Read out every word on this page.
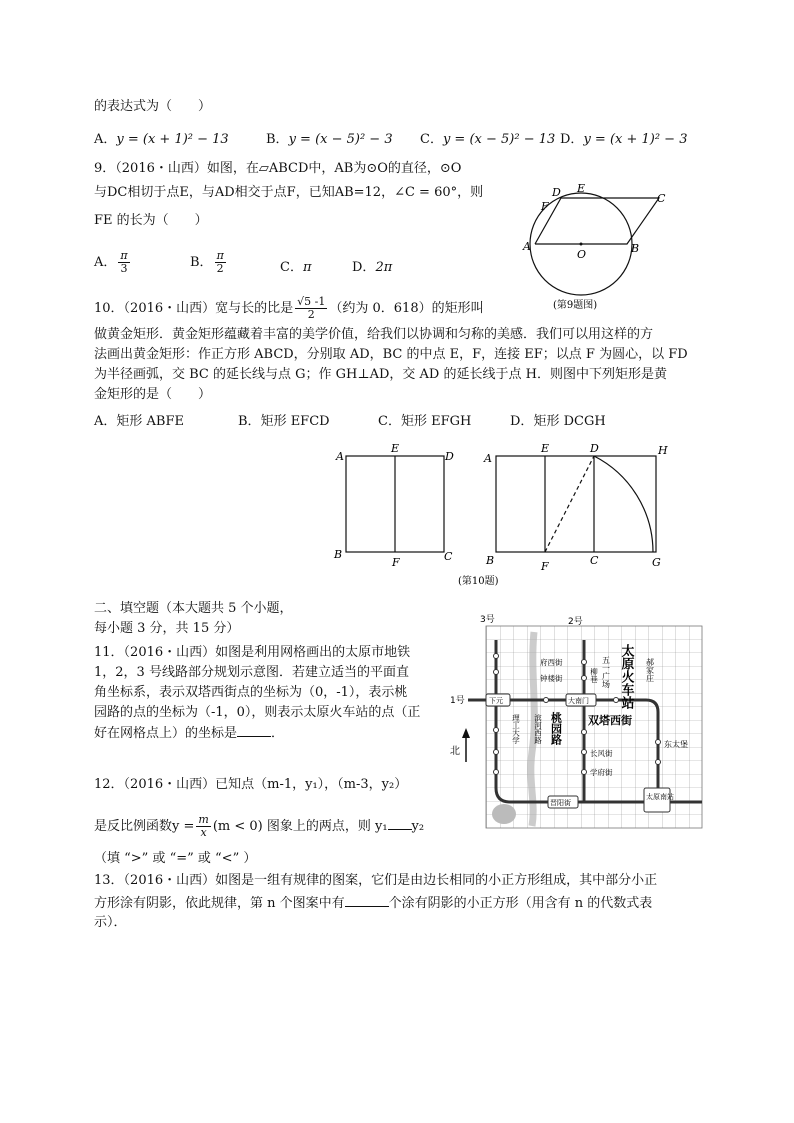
的表达式为（　　）
A．y = (x + 1)² − 13	B．y = (x − 5)² − 3 C．y = (x − 5)² − 13 D．y = (x + 1)² − 3
9．（2016・山西）如图，在▱ABCD中，AB为⊙O的直径，⊙O
与DC相切于点E，与AD相交于点F，已知AB=12，∠C = 60°，则
FE 的长为（　　）
A． $\frac{\pi}{3}$	B． $\frac{\pi}{2}$	C．π	D．2π
D E
F
C
A	B
O
(第9题图)
10．（2016・山西）宽与长的比是 $\frac{√5 -1}{2}$ （约为 0．618）的矩形叫
做黄金矩形．黄金矩形蕴藏着丰富的美学价值，给我们以协调和匀称的美感．我们可以用这样的方
法画出黄金矩形：作正方形 ABCD，分别取 AD，BC 的中点 E，F，连接 EF；以点 F 为圆心，以 FD
为半径画弧，交 BC 的延长线与点 G；作 GH⊥AD，交 AD 的延长线于点 H．则图中下列矩形是黄
金矩形的是（　　）
A．矩形 ABFE	B．矩形 EFCD	C．矩形 EFGH	D．矩形 DCGH
A
E
D
B
F	C
A
E	D	H
B	F	C	G
(第10题)
二、填空题（本大题共 5 个小题，
每小题 3 分，共 15 分）
11．（2016・山西）如图是利用网格画出的太原市地铁
1，2，3 号线路部分规划示意图．若建立适当的平面直
角坐标系，表示双塔西街点的坐标为（0，-1），表示桃
园路的点的坐标为（-1，0），则表示太原火车站的点（正
好在网格点上）的坐标是	．
3号	2号
1号	太原火车站
五一广场	郝家庄
府西街
钟楼街	柳巷
下元	大南门
理工大学 滨河西路 桃园路 双塔西街
东太堡
长风街
学府街
晋阳街
太原南站
北
12．（2016・山西）已知点（m-1，y₁），（m-3，y₂）
是反比例函数$y = \frac{m}{x} (m < 0)$ 图象上的两点，则 y₁ y₂
（填 “>” 或 “=” 或 “<” ）
13．（2016・山西）如图是一组有规律的图案，它们是由边长相同的小正方形组成，其中部分小正
方形涂有阴影，依此规律，第 n 个图案中有	个涂有阴影的小正方形（用含有 n 的代数式表
示）．
